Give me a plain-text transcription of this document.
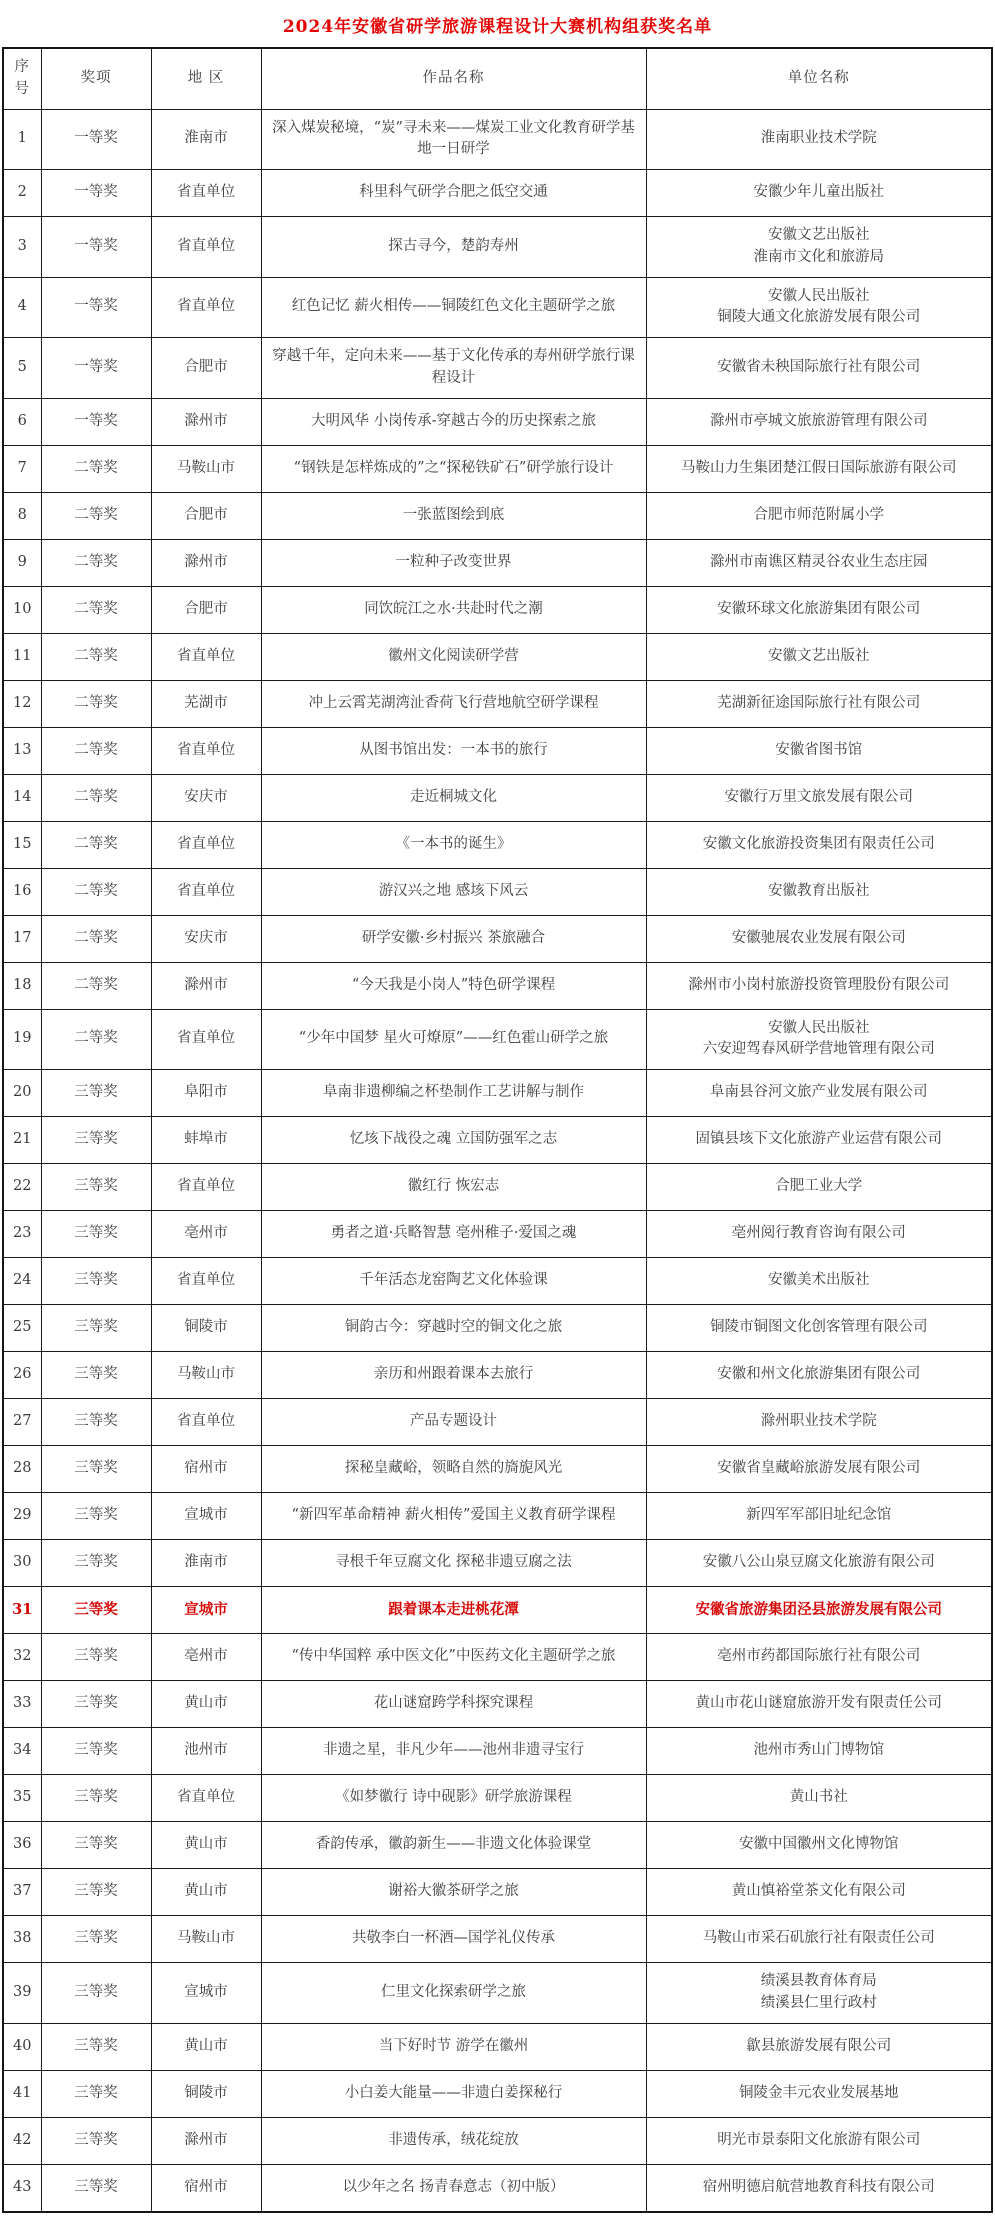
2024年安徽省研学旅游课程设计大赛机构组获奖名单
序号	奖项	地 区	作品名称	单位名称
1	一等奖	淮南市	深入煤炭秘境，“炭”寻未来——煤炭工业文化教育研学基地一日研学	淮南职业技术学院

2	一等奖	省直单位	科里科气研学合肥之低空交通	安徽少年儿童出版社

3	一等奖	省直单位	探古寻今，楚韵寿州	安徽文艺出版社
淮南市文化和旅游局

4	一等奖	省直单位	红色记忆 薪火相传——铜陵红色文化主题研学之旅	安徽人民出版社
铜陵大通文化旅游发展有限公司

5	一等奖	合肥市	穿越千年，定向未来——基于文化传承的寿州研学旅行课程设计	安徽省未秧国际旅行社有限公司

6	一等奖	滁州市	大明风华 小岗传承-穿越古今的历史探索之旅	滁州市亭城文旅旅游管理有限公司

7	二等奖	马鞍山市	“钢铁是怎样炼成的”之“探秘铁矿石”研学旅行设计	马鞍山力生集团楚江假日国际旅游有限公司

8	二等奖	合肥市	一张蓝图绘到底	合肥市师范附属小学

9	二等奖	滁州市	一粒种子改变世界	滁州市南谯区精灵谷农业生态庄园

10	二等奖	合肥市	同饮皖江之水·共赴时代之潮	安徽环球文化旅游集团有限公司

11	二等奖	省直单位	徽州文化阅读研学营	安徽文艺出版社

12	二等奖	芜湖市	冲上云霄芜湖湾沚香荷飞行营地航空研学课程	芜湖新征途国际旅行社有限公司

13	二等奖	省直单位	从图书馆出发：一本书的旅行	安徽省图书馆

14	二等奖	安庆市	走近桐城文化	安徽行万里文旅发展有限公司

15	二等奖	省直单位	《一本书的诞生》	安徽文化旅游投资集团有限责任公司

16	二等奖	省直单位	游汉兴之地 感垓下风云	安徽教育出版社

17	二等奖	安庆市	研学安徽·乡村振兴 茶旅融合	安徽驰展农业发展有限公司

18	二等奖	滁州市	“今天我是小岗人”特色研学课程	滁州市小岗村旅游投资管理股份有限公司

19	二等奖	省直单位	“少年中国梦 星火可燎原”——红色霍山研学之旅	安徽人民出版社
六安迎驾春风研学营地管理有限公司

20	三等奖	阜阳市	阜南非遗柳编之杯垫制作工艺讲解与制作	阜南县谷河文旅产业发展有限公司

21	三等奖	蚌埠市	忆垓下战役之魂 立国防强军之志	固镇县垓下文化旅游产业运营有限公司

22	三等奖	省直单位	徽红行 恢宏志	合肥工业大学

23	三等奖	亳州市	勇者之道·兵略智慧 亳州稚子·爱国之魂	亳州阅行教育咨询有限公司

24	三等奖	省直单位	千年活态龙窑陶艺文化体验课	安徽美术出版社

25	三等奖	铜陵市	铜韵古今：穿越时空的铜文化之旅	铜陵市铜图文化创客管理有限公司

26	三等奖	马鞍山市	亲历和州跟着课本去旅行	安徽和州文化旅游集团有限公司

27	三等奖	省直单位	产品专题设计	滁州职业技术学院

28	三等奖	宿州市	探秘皇藏峪，领略自然的旖旎风光	安徽省皇藏峪旅游发展有限公司

29	三等奖	宣城市	“新四军革命精神 薪火相传”爱国主义教育研学课程	新四军军部旧址纪念馆

30	三等奖	淮南市	寻根千年豆腐文化 探秘非遗豆腐之法	安徽八公山泉豆腐文化旅游有限公司

31	三等奖	宣城市	跟着课本走进桃花潭	安徽省旅游集团泾县旅游发展有限公司

32	三等奖	亳州市	“传中华国粹 承中医文化”中医药文化主题研学之旅	亳州市药都国际旅行社有限公司

33	三等奖	黄山市	花山谜窟跨学科探究课程	黄山市花山谜窟旅游开发有限责任公司

34	三等奖	池州市	非遗之星，非凡少年——池州非遗寻宝行	池州市秀山门博物馆

35	三等奖	省直单位	《如梦徽行 诗中砚影》研学旅游课程	黄山书社

36	三等奖	黄山市	香韵传承，徽韵新生——非遗文化体验课堂	安徽中国徽州文化博物馆

37	三等奖	黄山市	谢裕大徽茶研学之旅	黄山慎裕堂茶文化有限公司

38	三等奖	马鞍山市	共敬李白一杯酒—国学礼仪传承	马鞍山市采石矶旅行社有限责任公司

39	三等奖	宣城市	仁里文化探索研学之旅	绩溪县教育体育局
绩溪县仁里行政村

40	三等奖	黄山市	当下好时节 游学在徽州	歙县旅游发展有限公司

41	三等奖	铜陵市	小白姜大能量——非遗白姜探秘行	铜陵金丰元农业发展基地

42	三等奖	滁州市	非遗传承，绒花绽放	明光市景泰阳文化旅游有限公司

43	三等奖	宿州市	以少年之名 扬青春意志（初中版）	宿州明德启航营地教育科技有限公司
